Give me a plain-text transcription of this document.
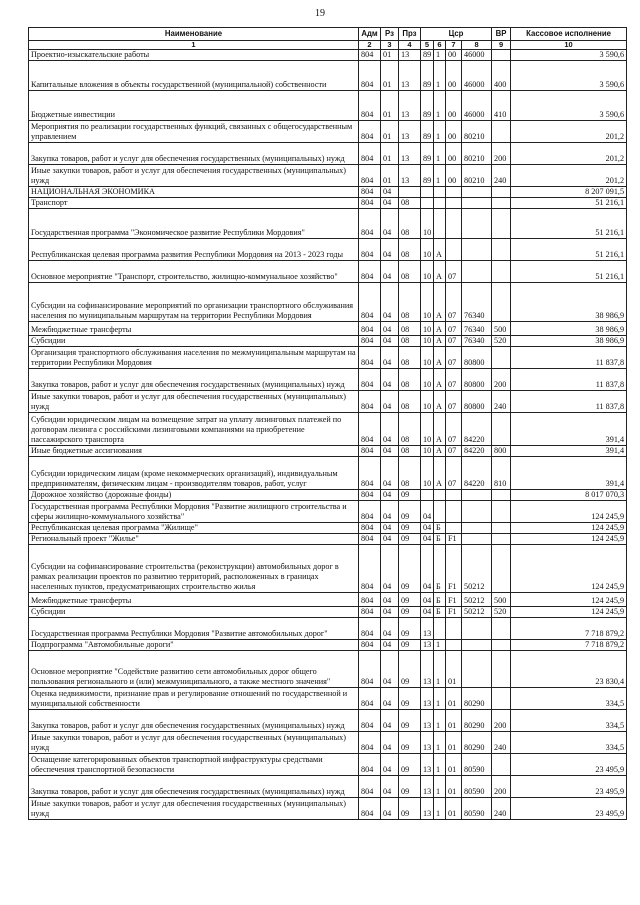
19
Наименование	Адм	Рз	Прз	Цср				ВР	Кассовое исполнение
1	2	3	4	5	6	7	8	9	10
Проектно-изыскательские работы	804	01	13	89	1	00	46000		3 590,6
Капитальные вложения в объекты государственной (муниципальной) собственности	804	01	13	89	1	00	46000	400	3 590,6
Бюджетные инвестиции	804	01	13	89	1	00	46000	410	3 590,6
Мероприятия по реализации государственных функций, связанных с общегосударственным управлением	804	01	13	89	1	00	80210		201,2
Закупка товаров, работ и услуг для обеспечения государственных (муниципальных) нужд	804	01	13	89	1	00	80210	200	201,2
Иные закупки товаров, работ и услуг для обеспечения государственных (муниципальных) нужд	804	01	13	89	1	00	80210	240	201,2
НАЦИОНАЛЬНАЯ ЭКОНОМИКА	804	04							8 207 091,5
Транспорт	804	04	08						51 216,1
Государственная программа "Экономическое развитие Республики Мордовия"	804	04	08	10					51 216,1
Республиканская целевая программа развития Республики Мордовия на 2013 - 2023 годы	804	04	08	10	А				51 216,1
Основное мероприятие "Транспорт, строительство, жилищно-коммунальное хозяйство"	804	04	08	10	А	07			51 216,1
Субсидии на софинансирование мероприятий по организации транспортного обслуживания населения по муниципальным маршрутам на территории Республики Мордовия	804	04	08	10	А	07	76340		38 986,9
Межбюджетные трансферты	804	04	08	10	А	07	76340	500	38 986,9
Субсидии	804	04	08	10	А	07	76340	520	38 986,9
Организация транспортного обслуживания населения по межмуниципальным маршрутам на территории Республики Мордовия	804	04	08	10	А	07	80800		11 837,8
Закупка товаров, работ и услуг для обеспечения государственных (муниципальных) нужд	804	04	08	10	А	07	80800	200	11 837,8
Иные закупки товаров, работ и услуг для обеспечения государственных (муниципальных) нужд	804	04	08	10	А	07	80800	240	11 837,8
Субсидии юридическим лицам на возмещение затрат на уплату лизинговых платежей по договорам лизинга с российскими лизинговыми компаниями на приобретение пассажирского транспорта	804	04	08	10	А	07	84220		391,4
Иные бюджетные ассигнования	804	04	08	10	А	07	84220	800	391,4
Субсидии юридическим лицам (кроме некоммерческих организаций), индивидуальным предпринимателям, физическим лицам - производителям товаров, работ, услуг	804	04	08	10	А	07	84220	810	391,4
Дорожное хозяйство (дорожные фонды)	804	04	09						8 017 070,3
Государственная программа Республики Мордовия "Развитие жилищного строительства и сферы жилищно-коммунального хозяйства"	804	04	09	04					124 245,9
Республиканская целевая программа "Жилище"	804	04	09	04	Б				124 245,9
Региональный проект "Жилье"	804	04	09	04	Б	F1			124 245,9
Субсидии на софинансирование строительства (реконструкции) автомобильных дорог в рамках реализации проектов по развитию территорий, расположенных в границах населенных пунктов, предусматривающих строительство жилья	804	04	09	04	Б	F1	50212		124 245,9
Межбюджетные трансферты	804	04	09	04	Б	F1	50212	500	124 245,9
Субсидии	804	04	09	04	Б	F1	50212	520	124 245,9
Государственная программа Республики Мордовия "Развитие автомобильных дорог"	804	04	09	13					7 718 879,2
Подпрограмма "Автомобильные дороги"	804	04	09	13	1				7 718 879,2
Основное мероприятие "Содействие развитию сети автомобильных дорог общего пользования регионального и (или) межмуниципального, а также местного значения"	804	04	09	13	1	01			23 830,4
Оценка недвижимости, признание прав и регулирование отношений по государственной и муниципальной собственности	804	04	09	13	1	01	80290		334,5
Закупка товаров, работ и услуг для обеспечения государственных (муниципальных) нужд	804	04	09	13	1	01	80290	200	334,5
Иные закупки товаров, работ и услуг для обеспечения государственных (муниципальных) нужд	804	04	09	13	1	01	80290	240	334,5
Оснащение категорированных объектов транспортной инфраструктуры средствами обеспечения транспортной безопасности	804	04	09	13	1	01	80590		23 495,9
Закупка товаров, работ и услуг для обеспечения государственных (муниципальных) нужд	804	04	09	13	1	01	80590	200	23 495,9
Иные закупки товаров, работ и услуг для обеспечения государственных (муниципальных) нужд	804	04	09	13	1	01	80590	240	23 495,9
